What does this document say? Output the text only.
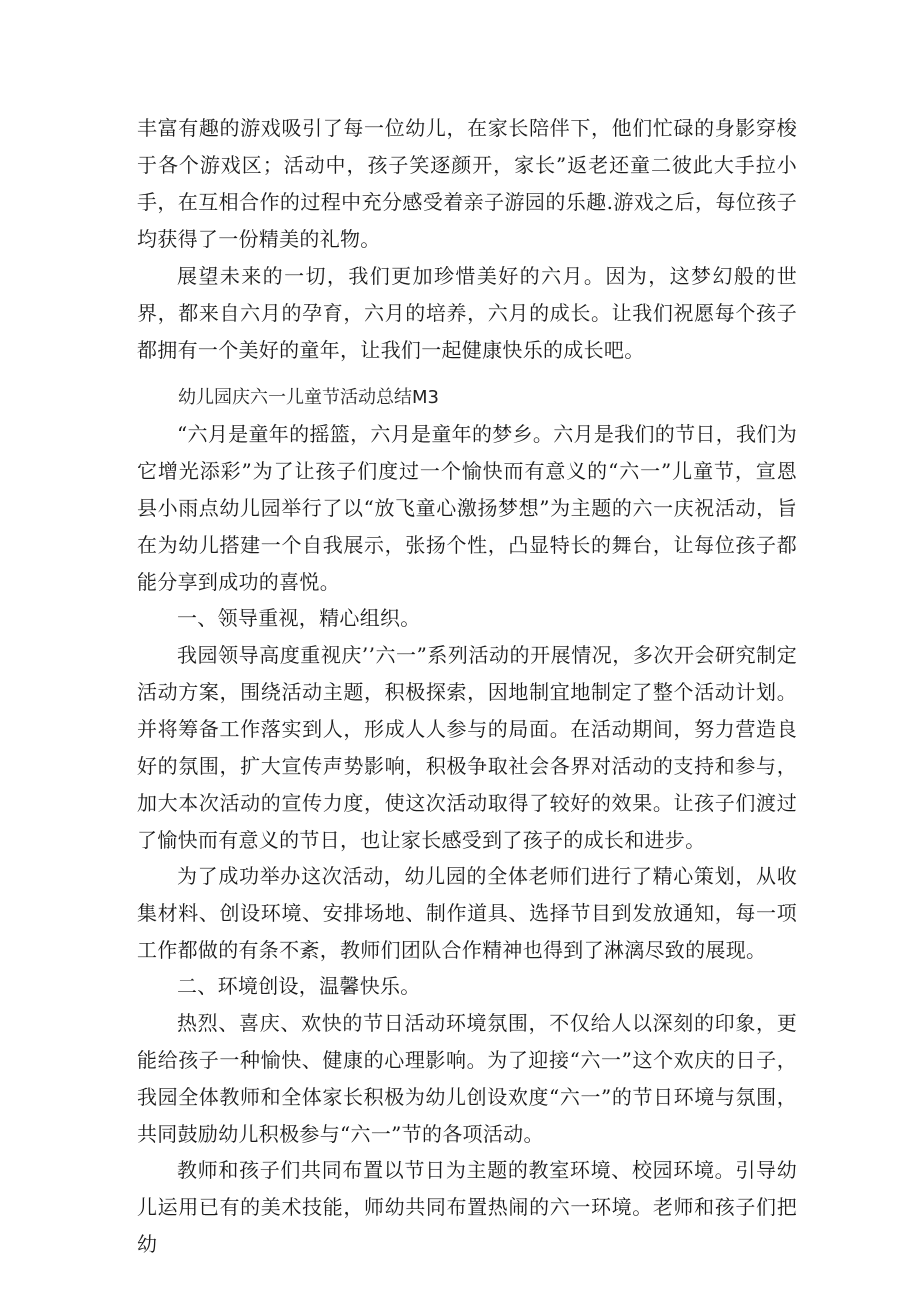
丰富有趣的游戏吸引了每一位幼儿，在家长陪伴下，他们忙碌的身影穿梭于各个游戏区；活动中，孩子笑逐颜开，家长”返老还童二彼此大手拉小手，在互相合作的过程中充分感受着亲子游园的乐趣.游戏之后，每位孩子均获得了一份精美的礼物。

展望未来的一切，我们更加珍惜美好的六月。因为，这梦幻般的世界，都来自六月的孕育，六月的培养，六月的成长。让我们祝愿每个孩子都拥有一个美好的童年，让我们一起健康快乐的成长吧。

幼儿园庆六一儿童节活动总结M3

“六月是童年的摇篮，六月是童年的梦乡。六月是我们的节日，我们为它增光添彩”为了让孩子们度过一个愉快而有意义的“六一”儿童节，宣恩县小雨点幼儿园举行了以“放飞童心激扬梦想”为主题的六一庆祝活动，旨在为幼儿搭建一个自我展示，张扬个性，凸显特长的舞台，让每位孩子都能分享到成功的喜悦。

一、领导重视，精心组织。

我园领导高度重视庆’’六一”系列活动的开展情况，多次开会研究制定活动方案，围绕活动主题，积极探索，因地制宜地制定了整个活动计划。并将筹备工作落实到人，形成人人参与的局面。在活动期间，努力营造良好的氛围，扩大宣传声势影响，积极争取社会各界对活动的支持和参与，加大本次活动的宣传力度，使这次活动取得了较好的效果。让孩子们渡过了愉快而有意义的节日，也让家长感受到了孩子的成长和进步。

为了成功举办这次活动，幼儿园的全体老师们进行了精心策划，从收集材料、创设环境、安排场地、制作道具、选择节目到发放通知，每一项工作都做的有条不紊，教师们团队合作精神也得到了淋漓尽致的展现。

二、环境创设，温馨快乐。

热烈、喜庆、欢快的节日活动环境氛围，不仅给人以深刻的印象，更能给孩子一种愉快、健康的心理影响。为了迎接“六一”这个欢庆的日子，我园全体教师和全体家长积极为幼儿创设欢度“六一”的节日环境与氛围，共同鼓励幼儿积极参与“六一”节的各项活动。

教师和孩子们共同布置以节日为主题的教室环境、校园环境。引导幼儿运用已有的美术技能，师幼共同布置热闹的六一环境。老师和孩子们把幼
